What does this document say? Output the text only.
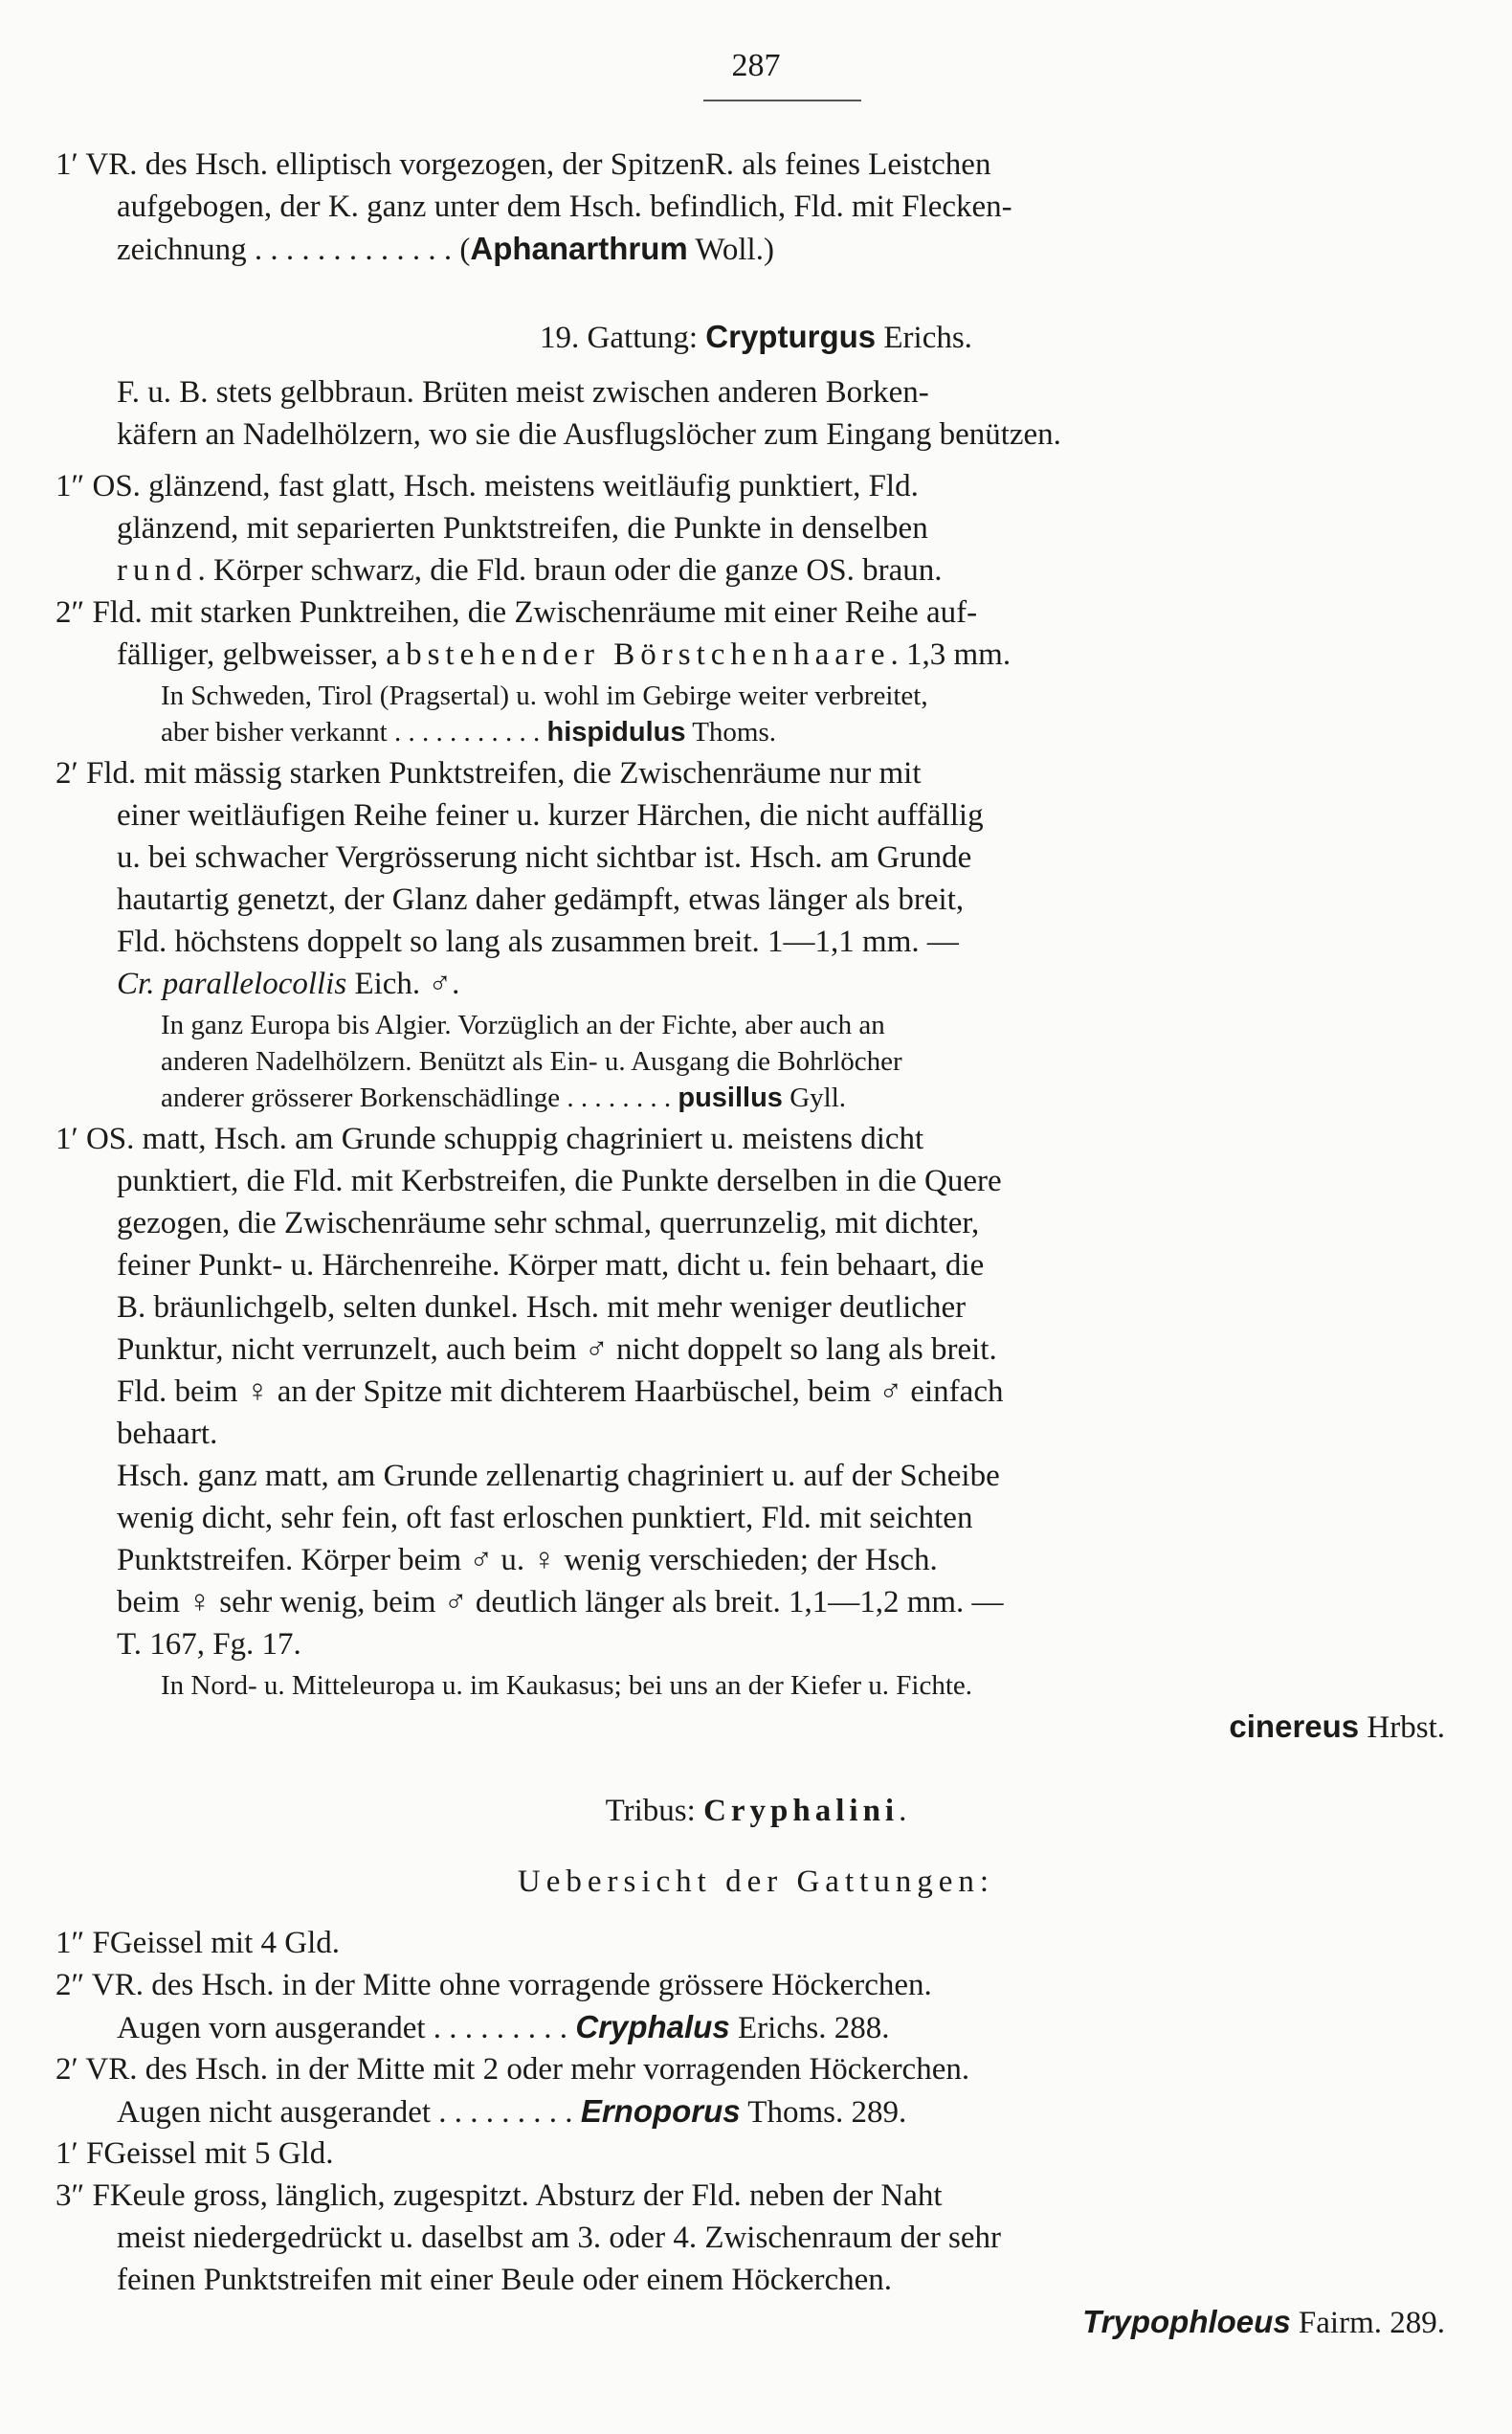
287
1′ VR. des Hsch. elliptisch vorgezogen, der SpitzenR. als feines Leistchen
aufgebogen, der K. ganz unter dem Hsch. befindlich, Fld. mit Flecken-
zeichnung . . . . . . . . . . . . . (Aphanarthrum Woll.)
19. Gattung: Crypturgus Erichs.
F. u. B. stets gelbbraun. Brüten meist zwischen anderen Borken-
käfern an Nadelhölzern, wo sie die Ausflugslöcher zum Eingang benützen.
1″ OS. glänzend, fast glatt, Hsch. meistens weitläufig punktiert, Fld.
glänzend, mit separierten Punktstreifen, die Punkte in denselben
rund. Körper schwarz, die Fld. braun oder die ganze OS. braun.
2″ Fld. mit starken Punktreihen, die Zwischenräume mit einer Reihe auf-
fälliger, gelbweisser, abstehender Börstchenhaare. 1,3 mm.
In Schweden, Tirol (Pragsertal) u. wohl im Gebirge weiter verbreitet,
aber bisher verkannt . . . . . . . . . . . hispidulus Thoms.
2′ Fld. mit mässig starken Punktstreifen, die Zwischenräume nur mit
einer weitläufigen Reihe feiner u. kurzer Härchen, die nicht auffällig
u. bei schwacher Vergrösserung nicht sichtbar ist. Hsch. am Grunde
hautartig genetzt, der Glanz daher gedämpft, etwas länger als breit,
Fld. höchstens doppelt so lang als zusammen breit. 1—1,1 mm. —
Cr. parallelocollis Eich. ♂.
In ganz Europa bis Algier. Vorzüglich an der Fichte, aber auch an
anderen Nadelhölzern. Benützt als Ein- u. Ausgang die Bohrlöcher
anderer grösserer Borkenschädlinge . . . . . . . . pusillus Gyll.
1′ OS. matt, Hsch. am Grunde schuppig chagriniert u. meistens dicht
punktiert, die Fld. mit Kerbstreifen, die Punkte derselben in die Quere
gezogen, die Zwischenräume sehr schmal, querrunzelig, mit dichter,
feiner Punkt- u. Härchenreihe. Körper matt, dicht u. fein behaart, die
B. bräunlichgelb, selten dunkel. Hsch. mit mehr weniger deutlicher
Punktur, nicht verrunzelt, auch beim ♂ nicht doppelt so lang als breit.
Fld. beim ♀ an der Spitze mit dichterem Haarbüschel, beim ♂ einfach
behaart.
Hsch. ganz matt, am Grunde zellenartig chagriniert u. auf der Scheibe
wenig dicht, sehr fein, oft fast erloschen punktiert, Fld. mit seichten
Punktstreifen. Körper beim ♂ u. ♀ wenig verschieden; der Hsch.
beim ♀ sehr wenig, beim ♂ deutlich länger als breit. 1,1—1,2 mm. —
T. 167, Fg. 17.
In Nord- u. Mitteleuropa u. im Kaukasus; bei uns an der Kiefer u. Fichte.
cinereus Hrbst.
Tribus: Cryphalini.
Uebersicht der Gattungen:
1″ FGeissel mit 4 Gld.
2″ VR. des Hsch. in der Mitte ohne vorragende grössere Höckerchen.
Augen vorn ausgerandet . . . . . . . . . Cryphalus Erichs. 288.
2′ VR. des Hsch. in der Mitte mit 2 oder mehr vorragenden Höckerchen.
Augen nicht ausgerandet . . . . . . . . . Ernoporus Thoms. 289.
1′ FGeissel mit 5 Gld.
3″ FKeule gross, länglich, zugespitzt. Absturz der Fld. neben der Naht
meist niedergedrückt u. daselbst am 3. oder 4. Zwischenraum der sehr
feinen Punktstreifen mit einer Beule oder einem Höckerchen.
Trypophloeus Fairm. 289.
